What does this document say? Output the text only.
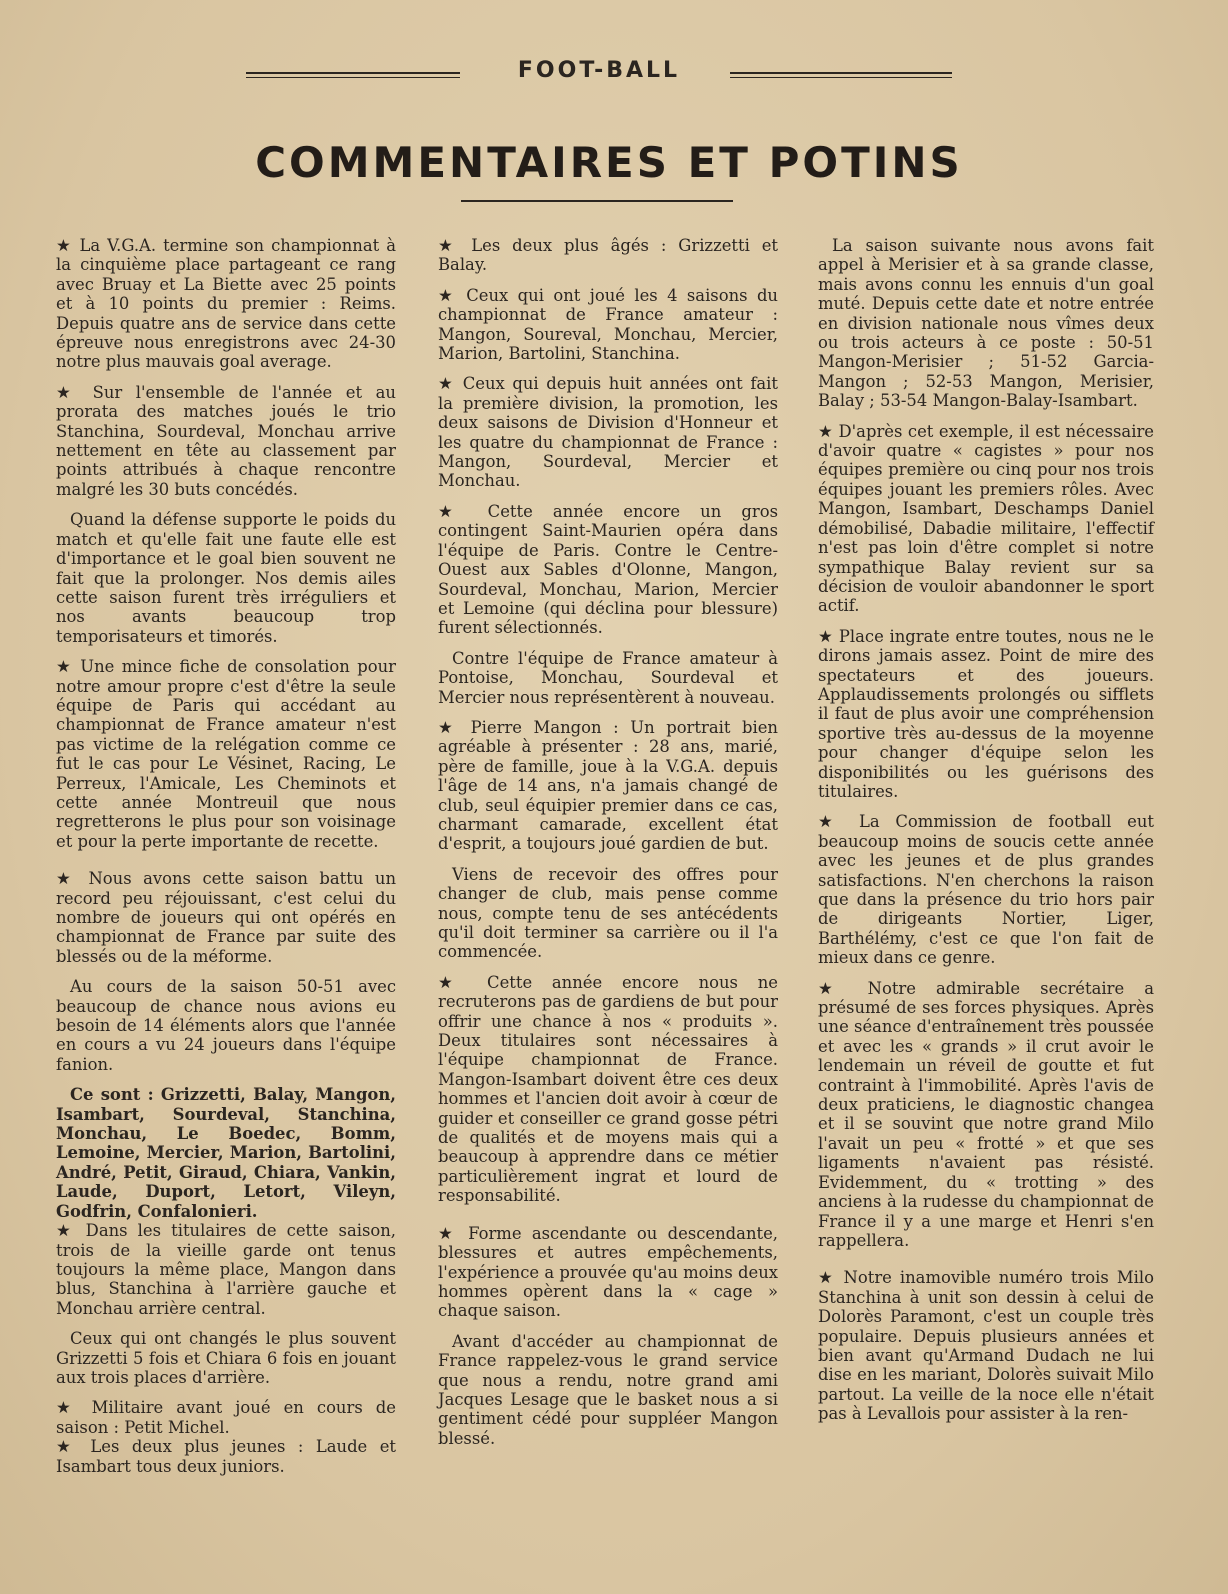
FOOT-BALL
COMMENTAIRES ET POTINS

★ La V.G.A. termine son championnat à la cinquième place partageant ce rang avec Bruay et La Biette avec 25 points et à 10 points du premier : Reims. Depuis quatre ans de service dans cette épreuve nous enregistrons avec 24-30 notre plus mauvais goal average.

★ Sur l'ensemble de l'année et au prorata des matches joués le trio Stanchina, Sourdeval, Monchau arrive nettement en tête au classement par points attribués à chaque rencontre malgré les 30 buts concédés.

Quand la défense supporte le poids du match et qu'elle fait une faute elle est d'importance et le goal bien souvent ne fait que la prolonger. Nos demis ailes cette saison furent très irréguliers et nos avants beaucoup trop temporisateurs et timorés.

★ Une mince fiche de consolation pour notre amour propre c'est d'être la seule équipe de Paris qui accédant au championnat de France amateur n'est pas victime de la relégation comme ce fut le cas pour Le Vésinet, Racing, Le Perreux, l'Amicale, Les Cheminots et cette année Montreuil que nous regretterons le plus pour son voisinage et pour la perte importante de recette.

★ Nous avons cette saison battu un record peu réjouissant, c'est celui du nombre de joueurs qui ont opérés en championnat de France par suite des blessés ou de la méforme.

Au cours de la saison 50-51 avec beaucoup de chance nous avions eu besoin de 14 éléments alors que l'année en cours a vu 24 joueurs dans l'équipe fanion.

Ce sont : Grizzetti, Balay, Mangon, Isambart, Sourdeval, Stanchina, Monchau, Le Boedec, Bomm, Lemoine, Mercier, Marion, Bartolini, André, Petit, Giraud, Chiara, Vankin, Laude, Duport, Letort, Vileyn, Godfrin, Confalonieri.

★ Dans les titulaires de cette saison, trois de la vieille garde ont tenus toujours la même place, Mangon dans blus, Stanchina à l'arrière gauche et Monchau arrière central.

Ceux qui ont changés le plus souvent Grizzetti 5 fois et Chiara 6 fois en jouant aux trois places d'arrière.

★ Militaire avant joué en cours de saison : Petit Michel.

★ Les deux plus jeunes : Laude et Isambart tous deux juniors.

★ Les deux plus âgés : Grizzetti et Balay.

★ Ceux qui ont joué les 4 saisons du championnat de France amateur : Mangon, Soureval, Monchau, Mercier, Marion, Bartolini, Stanchina.

★ Ceux qui depuis huit années ont fait la première division, la promotion, les deux saisons de Division d'Honneur et les quatre du championnat de France : Mangon, Sourdeval, Mercier et Monchau.

★ Cette année encore un gros contingent Saint-Maurien opéra dans l'équipe de Paris. Contre le Centre-Ouest aux Sables d'Olonne, Mangon, Sourdeval, Monchau, Marion, Mercier et Lemoine (qui déclina pour blessure) furent sélectionnés.

Contre l'équipe de France amateur à Pontoise, Monchau, Sourdeval et Mercier nous représentèrent à nouveau.

★ Pierre Mangon : Un portrait bien agréable à présenter : 28 ans, marié, père de famille, joue à la V.G.A. depuis l'âge de 14 ans, n'a jamais changé de club, seul équipier premier dans ce cas, charmant camarade, excellent état d'esprit, a toujours joué gardien de but.

Viens de recevoir des offres pour changer de club, mais pense comme nous, compte tenu de ses antécédents qu'il doit terminer sa carrière ou il l'a commencée.

★ Cette année encore nous ne recruterons pas de gardiens de but pour offrir une chance à nos « produits ». Deux titulaires sont nécessaires à l'équipe championnat de France. Mangon-Isambart doivent être ces deux hommes et l'ancien doit avoir à cœur de guider et conseiller ce grand gosse pétri de qualités et de moyens mais qui a beaucoup à apprendre dans ce métier particulièrement ingrat et lourd de responsabilité.

★ Forme ascendante ou descendante, blessures et autres empêchements, l'expérience a prouvée qu'au moins deux hommes opèrent dans la « cage » chaque saison.

Avant d'accéder au championnat de France rappelez-vous le grand service que nous a rendu, notre grand ami Jacques Lesage que le basket nous a si gentiment cédé pour suppléer Mangon blessé.

La saison suivante nous avons fait appel à Merisier et à sa grande classe, mais avons connu les ennuis d'un goal muté. Depuis cette date et notre entrée en division nationale nous vîmes deux ou trois acteurs à ce poste : 50-51 Mangon-Merisier ; 51-52 Garcia-Mangon ; 52-53 Mangon, Merisier, Balay ; 53-54 Mangon-Balay-Isambart.

★ D'après cet exemple, il est nécessaire d'avoir quatre « cagistes » pour nos équipes première ou cinq pour nos trois équipes jouant les premiers rôles. Avec Mangon, Isambart, Deschamps Daniel démobilisé, Dabadie militaire, l'effectif n'est pas loin d'être complet si notre sympathique Balay revient sur sa décision de vouloir abandonner le sport actif.

★ Place ingrate entre toutes, nous ne le dirons jamais assez. Point de mire des spectateurs et des joueurs. Applaudissements prolongés ou sifflets il faut de plus avoir une compréhension sportive très au-dessus de la moyenne pour changer d'équipe selon les disponibilités ou les guérisons des titulaires.

★ La Commission de football eut beaucoup moins de soucis cette année avec les jeunes et de plus grandes satisfactions. N'en cherchons la raison que dans la présence du trio hors pair de dirigeants Nortier, Liger, Barthélémy, c'est ce que l'on fait de mieux dans ce genre.

★ Notre admirable secrétaire a présumé de ses forces physiques. Après une séance d'entraînement très poussée et avec les « grands » il crut avoir le lendemain un réveil de goutte et fut contraint à l'immobilité. Après l'avis de deux praticiens, le diagnostic changea et il se souvint que notre grand Milo l'avait un peu « frotté » et que ses ligaments n'avaient pas résisté. Evidemment, du « trotting » des anciens à la rudesse du championnat de France il y a une marge et Henri s'en rappellera.

★ Notre inamovible numéro trois Milo Stanchina à unit son dessin à celui de Dolorès Paramont, c'est un couple très populaire. Depuis plusieurs années et bien avant qu'Armand Dudach ne lui dise en les mariant, Dolorès suivait Milo partout. La veille de la noce elle n'était pas à Levallois pour assister à la ren-
